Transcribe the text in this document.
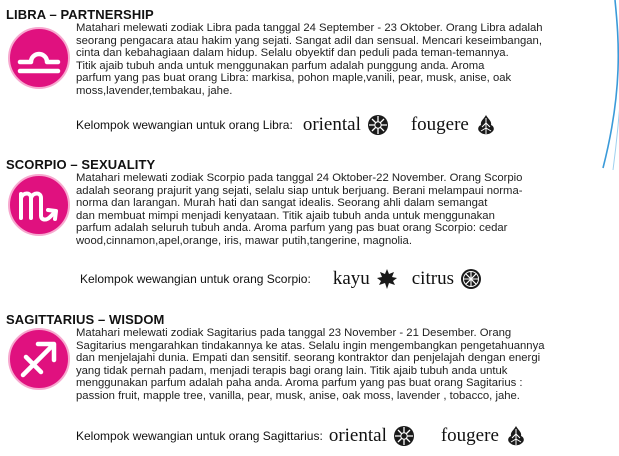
LIBRA – PARTNERSHIP
Matahari melewati zodiak Libra pada tanggal 24 September - 23 Oktober. Orang Libra adalah
seorang pengacara atau hakim yang sejati. Sangat adil dan sensual. Mencari keseimbangan,
cinta dan kebahagiaan dalam hidup. Selalu obyektif dan peduli pada teman-temannya.
Titik ajaib tubuh anda untuk menggunakan parfum adalah punggung anda. Aroma
parfum yang pas buat orang Libra: markisa, pohon maple,vanili, pear, musk, anise, oak
moss,lavender,tembakau, jahe.
Kelompok wewangian untuk orang Libra: oriental	fougere
SCORPIO – SEXUALITY
Matahari melewati zodiak Scorpio pada tanggal 24 Oktober-22 November. Orang Scorpio
adalah seorang prajurit yang sejati, selalu siap untuk berjuang. Berani melampaui norma-
norma dan larangan. Murah hati dan sangat idealis. Seorang ahli dalam semangat
dan membuat mimpi menjadi kenyataan. Titik ajaib tubuh anda untuk menggunakan
parfum adalah seluruh tubuh anda. Aroma parfum yang pas buat orang Scorpio: cedar
wood,cinnamon,apel,orange, iris, mawar putih,tangerine, magnolia.
Kelompok wewangian untuk orang Scorpio: kayu citrus
SAGITTARIUS – WISDOM
Matahari melewati zodiak Sagitarius pada tanggal 23 November - 21 Desember. Orang
Sagitarius mengarahkan tindakannya ke atas. Selalu ingin mengembangkan pengetahuannya
dan menjelajahi dunia. Empati dan sensitif. seorang kontraktor dan penjelajah dengan energi
yang tidak pernah padam, menjadi terapis bagi orang lain. Titik ajaib tubuh anda untuk
menggunakan parfum adalah paha anda. Aroma parfum yang pas buat orang Sagitarius :
passion fruit, mapple tree, vanilla, pear, musk, anise, oak moss, lavender , tobacco, jahe.
Kelompok wewangian untuk orang Sagittarius: oriental	fougere
